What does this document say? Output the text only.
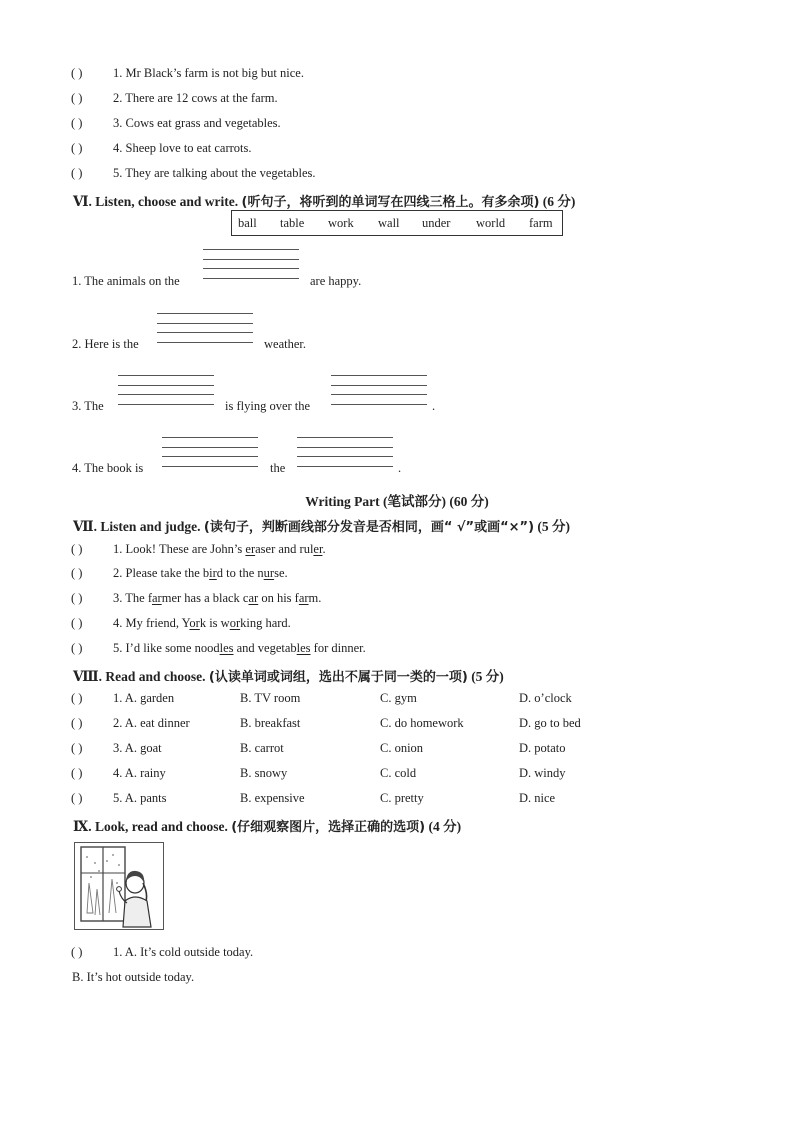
( ) 1. Mr Black’s farm is not big but nice.
( ) 2. There are 12 cows at the farm.
( ) 3. Cows eat grass and vegetables.
( ) 4. Sheep love to eat carrots.
( ) 5. They are talking about the vegetables.
Ⅵ. Listen, choose and write. (听句子，将听到的单词写在四线三格上。有多余项) (6 分)
ball table work wall under world farm
1. The animals on the	are happy.
2. Here is the	weather.
3. The	is flying over the	.
4. The book is	the	.
Writing Part (笔试部分) (60 分)
Ⅶ. Listen and judge. (读句子，判断画线部分发音是否相同，画“ √”或画“×”) (5 分)
( ) 1. Look! These are John’s eraser and ruler.
( ) 2. Please take the bird to the nurse.
( ) 3. The farmer has a black car on his farm.
( ) 4. My friend, York is working hard.
( ) 5. I’d like some noodles and vegetables for dinner.
Ⅷ. Read and choose. (认读单词或词组，选出不属于同一类的一项) (5 分)
( ) 1. A. garden	B. TV room	C. gym	D. o’clock
( ) 2. A. eat dinner	B. breakfast	C. do homework	D. go to bed
( ) 3. A. goat	B. carrot	C. onion	D. potato
( ) 4. A. rainy	B. snowy	C. cold	D. windy
( ) 5. A. pants	B. expensive	C. pretty	D. nice
Ⅸ. Look, read and choose. (仔细观察图片，选择正确的选项) (4 分)
( ) 1. A. It’s cold outside today.
B. It’s hot outside today.
